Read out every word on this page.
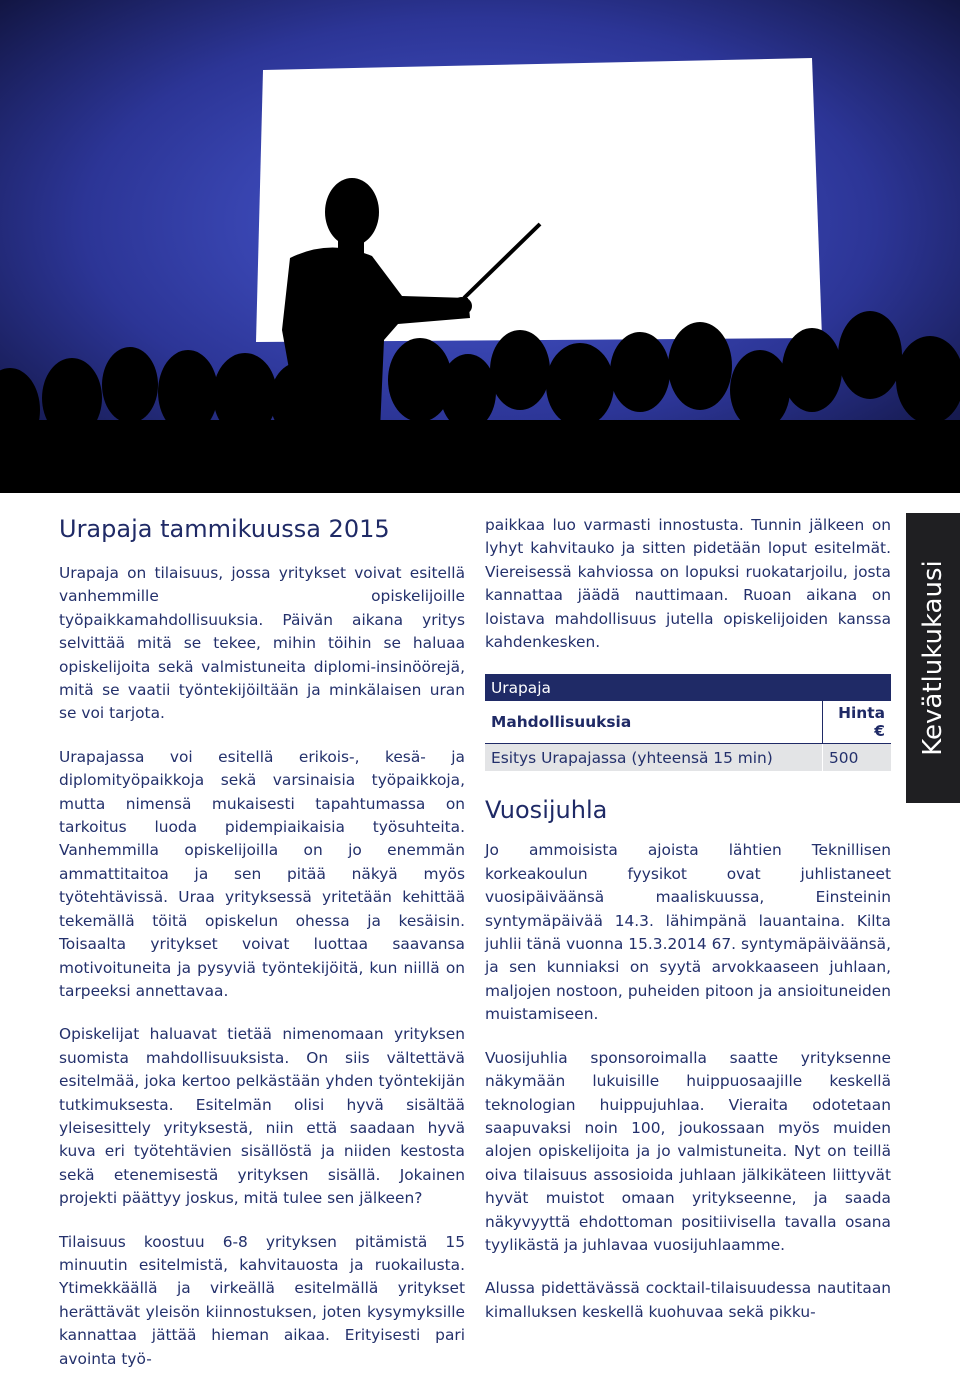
Urapaja tammikuussa 2015

Urapaja on tilaisuus, jossa yritykset voivat esitellä vanhemmille opiskelijoille työpaikkamahdollisuuksia. Päivän aikana yritys selvittää mitä se tekee, mihin töihin se haluaa opiskelijoita sekä valmistuneita diplomi-insinöörejä, mitä se vaatii työntekijöiltään ja minkälaisen uran se voi tarjota.

Urapajassa voi esitellä erikois-, kesä- ja diplomityöpaikkoja sekä varsinaisia työpaikkoja, mutta nimensä mukaisesti tapahtumassa on tarkoitus luoda pidempiaikaisia työsuhteita. Vanhemmilla opiskelijoilla on jo enemmän ammattitaitoa ja sen pitää näkyä myös työtehtävissä. Uraa yrityksessä yritetään kehittää tekemällä töitä opiskelun ohessa ja kesäisin. Toisaalta yritykset voivat luottaa saavansa motivoituneita ja pysyviä työntekijöitä, kun niillä on tarpeeksi annettavaa.

Opiskelijat haluavat tietää nimenomaan yrityksen suomista mahdollisuuksista. On siis vältettävä esitelmää, joka kertoo pelkästään yhden työntekijän tutkimuksesta. Esitelmän olisi hyvä sisältää yleisesittely yrityksestä, niin että saadaan hyvä kuva eri työtehtävien sisällöstä ja niiden kestosta sekä etenemisestä yrityksen sisällä. Jokainen projekti päättyy joskus, mitä tulee sen jälkeen?

Tilaisuus koostuu 6-8 yrityksen pitämistä 15 minuutin esitelmistä, kahvitauosta ja ruokailusta. Ytimekkäällä ja virkeällä esitelmällä yritykset herättävät yleisön kiinnostuksen, joten kysymyksille kannattaa jättää hieman aikaa. Erityisesti pari avointa työ-

paikkaa luo varmasti innostusta. Tunnin jälkeen on lyhyt kahvitauko ja sitten pidetään loput esitelmät. Viereisessä kahviossa on lopuksi ruokatarjoilu, josta kannattaa jäädä nauttimaan. Ruoan aikana on loistava mahdollisuus jutella opiskelijoiden kanssa kahdenkesken.

Urapaja	
Mahdollisuuksia	Hinta €
Esitys Urapajassa (yhteensä 15 min)	500
Vuosijuhla

Jo ammoisista ajoista lähtien Teknillisen korkeakoulun fyysikot ovat juhlistaneet vuosipäiväänsä maaliskuussa, Einsteinin syntymäpäivää 14.3. lähimpänä lauantaina. Kilta juhlii tänä vuonna 15.3.2014 67. syntymäpäiväänsä, ja sen kunniaksi on syytä arvokkaaseen juhlaan, maljojen nostoon, puheiden pitoon ja ansioituneiden muistamiseen.

Vuosijuhlia sponsoroimalla saatte yrityksenne näkymään lukuisille huippuosaajille keskellä teknologian huippujuhlaa. Vieraita odotetaan saapuvaksi noin 100, joukossaan myös muiden alojen opiskelijoita ja jo valmistuneita. Nyt on teillä oiva tilaisuus assosioida juhlaan jälkikäteen liittyvät hyvät muistot omaan yritykseenne, ja saada näkyvyyttä ehdottoman positiivisella tavalla osana tyylikästä ja juhlavaa vuosijuhlaamme.

Alussa pidettävässä cocktail-tilaisuudessa nautitaan kimalluksen keskellä kuohuvaa sekä pikku-

Kevätlukukausi
